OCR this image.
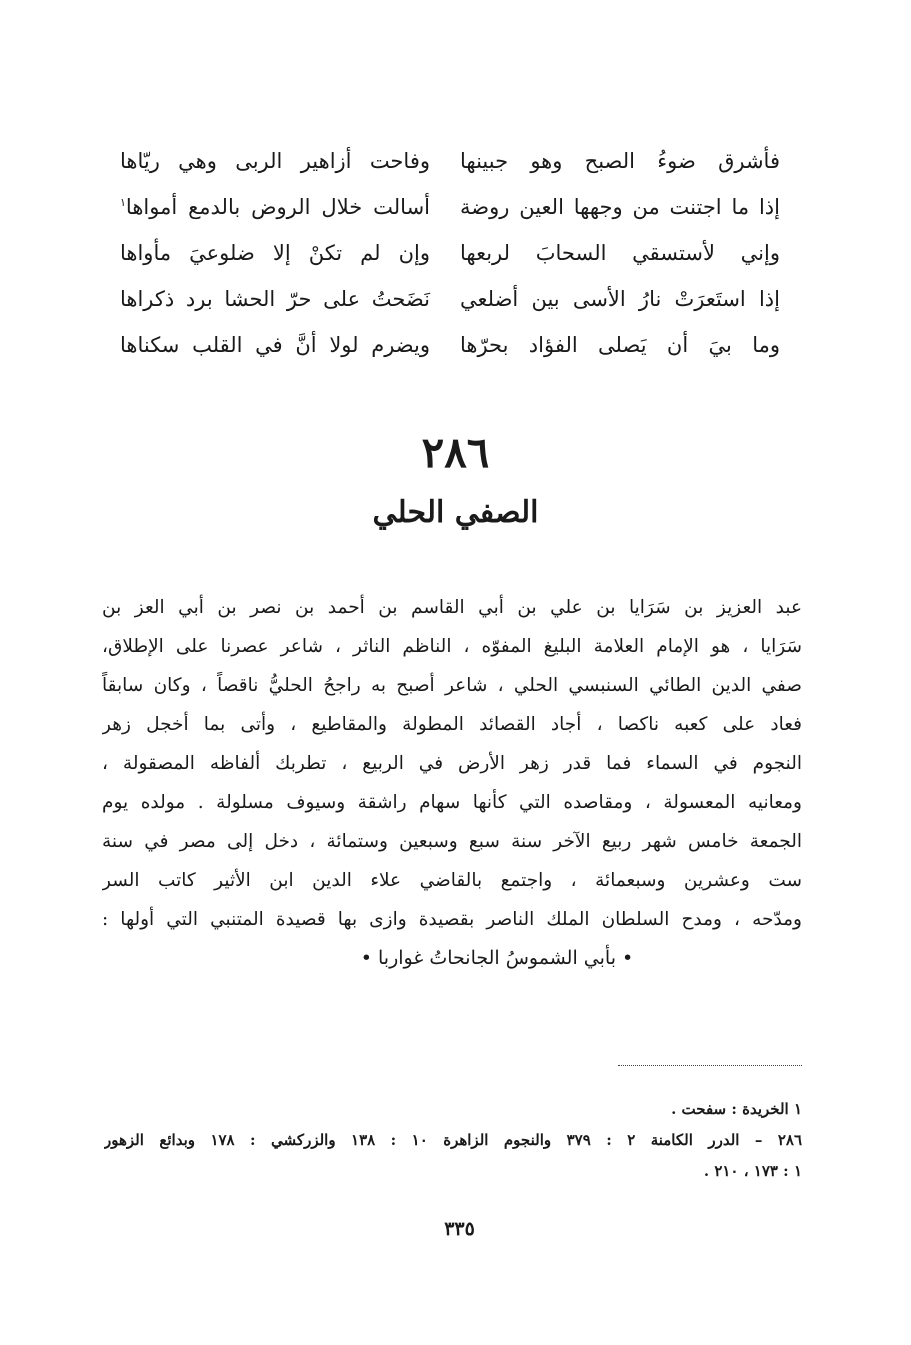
فأشرق ضوءُ الصبح وهو جبينها
وفاحت أزاهير الربى وهي ريّاها
إذا ما اجتنت من وجهها العين روضة
أسالت خلال الروض بالدمع أمواها$^١$
وإني لأستسقي السحابَ لربعها
وإن لم تكنْ إلا ضلوعيَ مأواها
إذا استَعرَتْ نارُ الأسى بين أضلعي
نَضَحتُ على حرّ الحشا برد ذكراها
وما بيَ أن يَصلى الفؤاد بحرّها
ويضرم لولا أنَّ في القلب سكناها
٢٨٦
الصفي الحلي
عبد العزيز بن سَرَايا بن علي بن أبي القاسم بن أحمد بن نصر بن أبي العز بن
سَرَايا ، هو الإمام العلامة البليغ المفوّه ، الناظم الناثر ، شاعر عصرنا على الإطلاق،
صفي الدين الطائي السنبسي الحلي ، شاعر أصبح به راجحُ الحليُّ ناقصاً ، وكان سابقاً
فعاد على كعبه ناكصا ، أجاد القصائد المطولة والمقاطيع ، وأتى بما أخجل زهر
النجوم في السماء فما قدر زهر الأرض في الربيع ، تطربك ألفاظه المصقولة ،
ومعانيه المعسولة ، ومقاصده التي كأنها سهام راشقة وسيوف مسلولة . مولده يوم
الجمعة خامس شهر ربيع الآخر سنة سبع وسبعين وستمائة ، دخل إلى مصر في سنة
ست وعشرين وسبعمائة ، واجتمع بالقاضي علاء الدين ابن الأثير كاتب السر
ومدّحه ، ومدح السلطان الملك الناصر بقصيدة وازى بها قصيدة المتنبي التي أولها :
• بأبي الشموسُ الجانحاتُ غواربا •
١ الخريدة : سفحت .
٢٨٦ – الدرر الكامنة ٢ : ٣٧٩ والنجوم الزاهرة ١٠ : ١٣٨ والزركشي : ١٧٨ وبدائع الزهور
١ : ١٧٣ ، ٢١٠ .
٣٣٥
